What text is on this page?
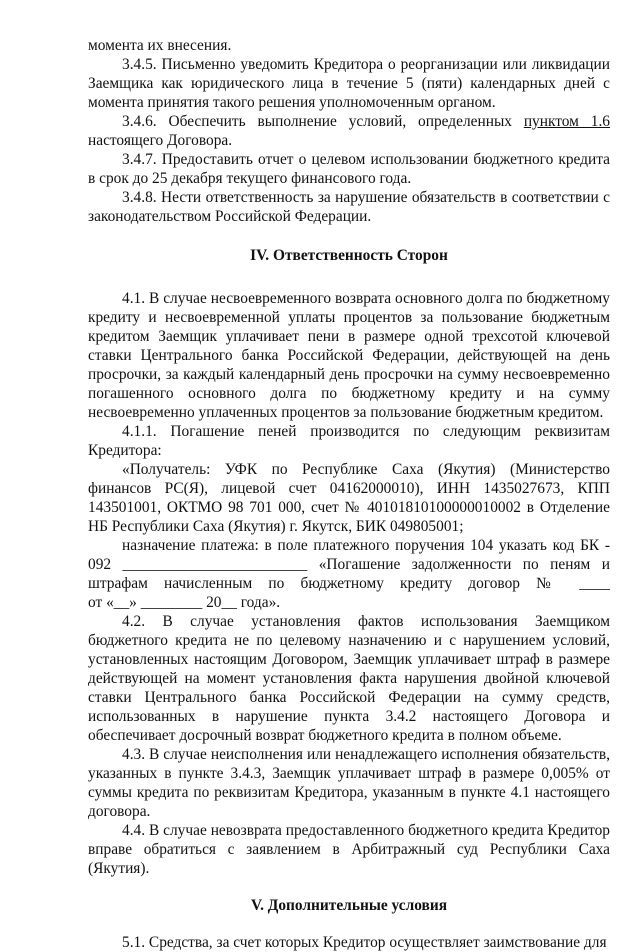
момента их внесения.

3.4.5. Письменно уведомить Кредитора о реорганизации или ликвидации Заемщика как юридического лица в течение 5 (пяти) календарных дней с момента принятия такого решения уполномоченным органом.

3.4.6. Обеспечить выполнение условий, определенных пунктом 1.6 настоящего Договора.

3.4.7. Предоставить отчет о целевом использовании бюджетного кредита в срок до 25 декабря текущего финансового года.

3.4.8. Нести ответственность за нарушение обязательств в соответствии с законодательством Российской Федерации.

IV. Ответственность Сторон

4.1. В случае несвоевременного возврата основного долга по бюджетному кредиту и несвоевременной уплаты процентов за пользование бюджетным кредитом Заемщик уплачивает пени в размере одной трехсотой ключевой ставки Центрального банка Российской Федерации, действующей на день просрочки, за каждый календарный день просрочки на сумму несвоевременно погашенного основного долга по бюджетному кредиту и на сумму несвоевременно уплаченных процентов за пользование бюджетным кредитом.

4.1.1. Погашение пеней производится по следующим реквизитам Кредитора:

«Получатель: УФК по Республике Саха (Якутия) (Министерство финансов РС(Я), лицевой счет 04162000010), ИНН 1435027673, КПП 143501001, ОКТМО 98 701 000, счет № 40101810100000010002 в Отделение НБ Республики Саха (Якутия) г. Якутск, БИК 049805001;

назначение платежа: в поле платежного поручения 104 указать код БК -
092 ________________________ «Погашение задолженности по пеням и
штрафам начисленным по бюджетному кредиту договор № ____
от «__» ________ 20__ года».

4.2. В случае установления фактов использования Заемщиком бюджетного кредита не по целевому назначению и с нарушением условий, установленных настоящим Договором, Заемщик уплачивает штраф в размере действующей на момент установления факта нарушения двойной ключевой ставки Центрального банка Российской Федерации на сумму средств, использованных в нарушение пункта 3.4.2 настоящего Договора и обеспечивает досрочный возврат бюджетного кредита в полном объеме.

4.3. В случае неисполнения или ненадлежащего исполнения обязательств, указанных в пункте 3.4.3, Заемщик уплачивает штраф в размере 0,005% от суммы кредита по реквизитам Кредитора, указанным в пункте 4.1 настоящего договора.

4.4. В случае невозврата предоставленного бюджетного кредита Кредитор вправе обратиться с заявлением в Арбитражный суд Республики Саха (Якутия).

V. Дополнительные условия

5.1. Средства, за счет которых Кредитор осуществляет заимствование для
